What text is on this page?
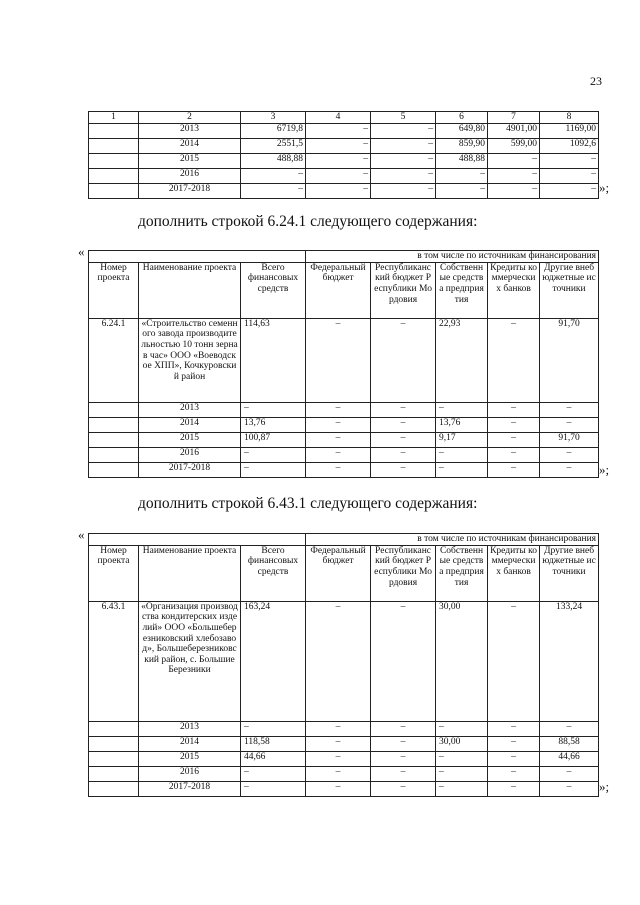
23
1	2	3	4	5	6	7	8
	2013	6719,8	–	–	649,80	4901,00	1169,00
	2014	2551,5	–	–	859,90	599,00	1092,6
	2015	488,88	–	–	488,88	–	–
	2016	–	–	–	–	–	–
	2017-2018	–	–	–	–	–	– »;
дополнить строкой 6.24.1 следующего содержания:
«
			в том числе по источникам финансирования				
Номер проекта	Наименование проекта	Всего финансовых средств	Федеральный бюджет	Республиканский бюджет Республики Мордовия	Собственные средства предприятия	Кредиты коммерческих банков	Другие внебюджетные источники
6.24.1	«Строительство семенного завода производительностью 10 тонн зерна в час» ООО «Воеводское ХПП», Кочкуровский район	114,63	–	–	22,93	–	91,70
	2013	–	–	–	–	–	–
	2014	13,76	–	–	13,76	–	–
	2015	100,87	–	–	9,17	–	91,70
	2016	–	–	–	–	–	–
	2017-2018	–	–	–	–	–	– »;
дополнить строкой 6.43.1 следующего содержания:
«
			в том числе по источникам финансирования				
Номер проекта	Наименование проекта	Всего финансовых средств	Федеральный бюджет	Республиканский бюджет Республики Мордовия	Собственные средства предприятия	Кредиты коммерческих банков	Другие внебюджетные источники
6.43.1	«Организация производства кондитерских изделий» ООО «Большеберезниковский хлебозавод», Большеберезниковский район, с. Большие Березники	163,24	–	–	30,00	–	133,24
	2013	–	–	–	–	–	–
	2014	118,58	–	–	30,00	–	88,58
	2015	44,66	–	–	–	–	44,66
	2016	–	–	–	–	–	–
	2017-2018	–	–	–	–	–	– »;
